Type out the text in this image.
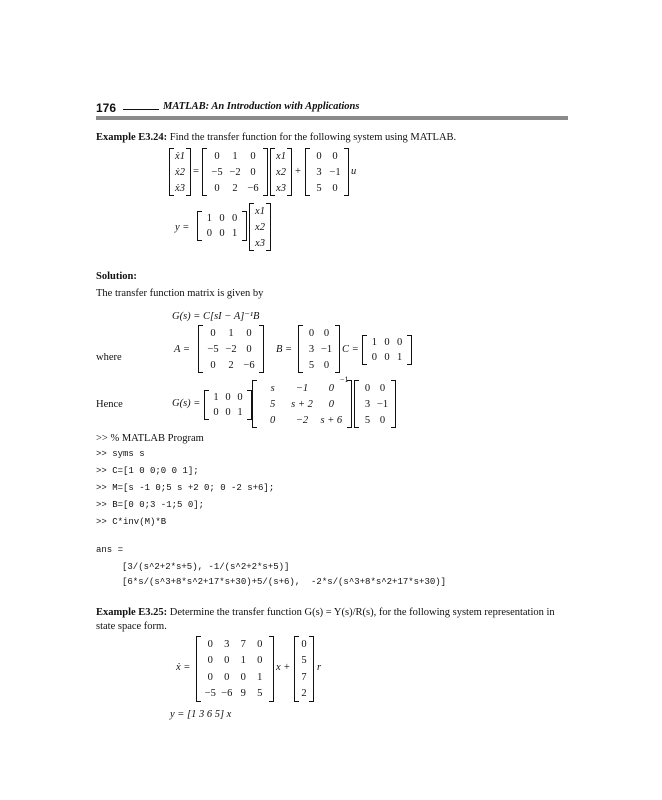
176	MATLAB: An Introduction with Applications
Example E3.24: Find the transfer function for the following system using MATLAB.
ẋ1
ẋ2
ẋ3
=
0 1 0
−5 −2 0
0 2 −6
x1
x2
x3
+
0 0
3 −1
5 0
u
y =
1 0 0
0 0 1
x1
x2
x3
Solution:
The transfer function matrix is given by
G(s) = C[sI − A]⁻¹B
where
A =
0 1 0
−5 −2 0
0 2 −6
B =
0 0
3 −1
5 0
C =
1 0 0
0 0 1
Hence	G(s) =
1 0 0
0 0 1
s −1 0
5 s + 2 0
0 −2 s + 6
−1
0 0
3 −1
5 0
>> % MATLAB Program
>> syms s
>> C=[1 0 0;0 0 1];
>> M=[s -1 0;5 s +2 0; 0 -2 s+6];
>> B=[0 0;3 -1;5 0];
>> C*inv(M)*B
ans =
[3/(s^2+2*s+5), -1/(s^2+2*s+5)]
[6*s/(s^3+8*s^2+17*s+30)+5/(s+6),  -2*s/(s^3+8*s^2+17*s+30)]
Example E3.25: Determine the transfer function G(s) = Y(s)/R(s), for the following system representation in
state space form.
ẋ =
0 3 7 0
0 0 1 0
0 0 0 1
−5 −6 9 5
x +
0
5
7
2
r
y = [1 3 6 5] x
